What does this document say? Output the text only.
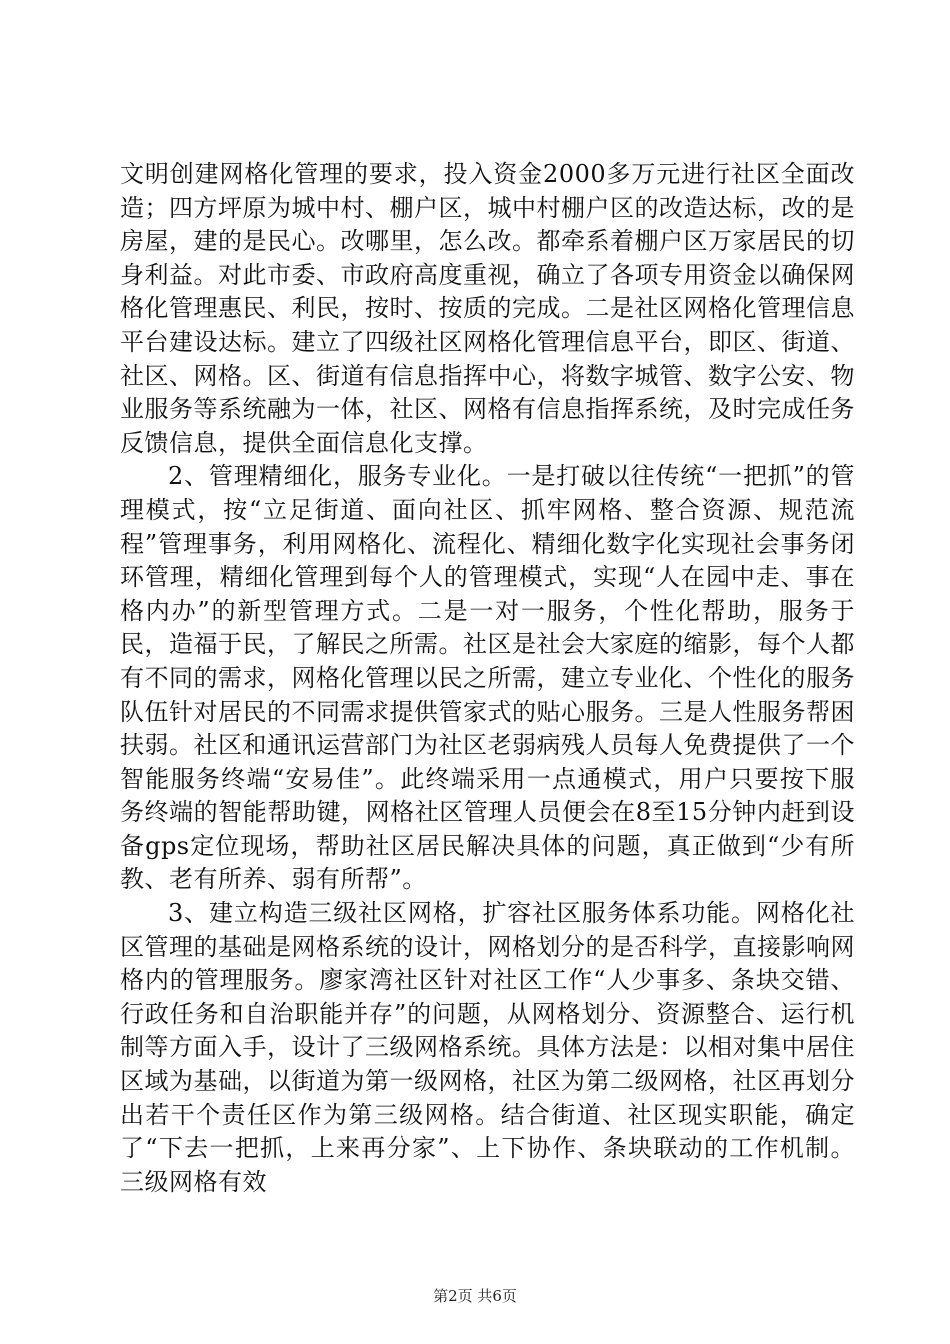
文明创建网格化管理的要求，投入资金2000多万元进行社区全面改造；四方坪原为城中村、棚户区，城中村棚户区的改造达标，改的是房屋，建的是民心。改哪里，怎么改。都牵系着棚户区万家居民的切身利益。对此市委、市政府高度重视，确立了各项专用资金以确保网格化管理惠民、利民，按时、按质的完成。二是社区网格化管理信息平台建设达标。建立了四级社区网格化管理信息平台，即区、街道、社区、网格。区、街道有信息指挥中心，将数字城管、数字公安、物业服务等系统融为一体，社区、网格有信息指挥系统，及时完成任务反馈信息，提供全面信息化支撑。

2、管理精细化，服务专业化。一是打破以往传统“一把抓”的管理模式，按“立足街道、面向社区、抓牢网格、整合资源、规范流程”管理事务，利用网格化、流程化、精细化数字化实现社会事务闭环管理，精细化管理到每个人的管理模式，实现“人在园中走、事在格内办”的新型管理方式。二是一对一服务，个性化帮助，服务于民，造福于民，了解民之所需。社区是社会大家庭的缩影，每个人都有不同的需求，网格化管理以民之所需，建立专业化、个性化的服务队伍针对居民的不同需求提供管家式的贴心服务。三是人性服务帮困扶弱。社区和通讯运营部门为社区老弱病残人员每人免费提供了一个智能服务终端“安易佳”。此终端采用一点通模式，用户只要按下服务终端的智能帮助键，网格社区管理人员便会在8至15分钟内赶到设备gps定位现场，帮助社区居民解决具体的问题，真正做到“少有所教、老有所养、弱有所帮”。

3、建立构造三级社区网格，扩容社区服务体系功能。网格化社区管理的基础是网格系统的设计，网格划分的是否科学，直接影响网格内的管理服务。廖家湾社区针对社区工作“人少事多、条块交错、行政任务和自治职能并存”的问题，从网格划分、资源整合、运行机制等方面入手，设计了三级网格系统。具体方法是：以相对集中居住区域为基础，以街道为第一级网格，社区为第二级网格，社区再划分出若干个责任区作为第三级网格。结合街道、社区现实职能，确定了“下去一把抓，上来再分家”、上下协作、条块联动的工作机制。三级网格有效

第2页 共6页
